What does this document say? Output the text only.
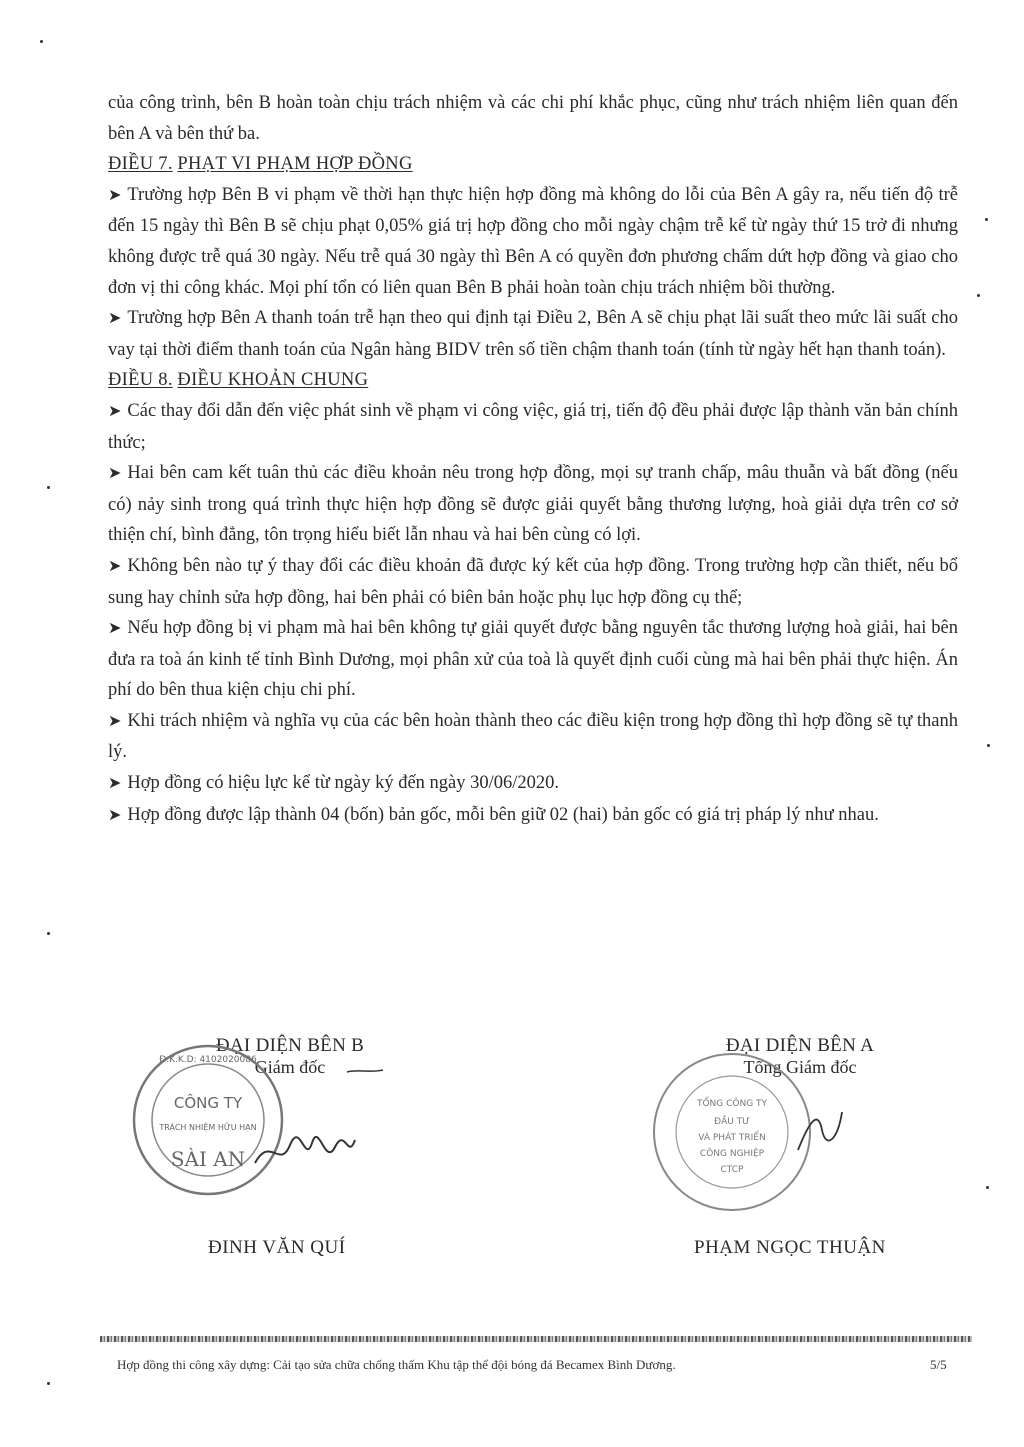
của công trình, bên B hoàn toàn chịu trách nhiệm và các chi phí khắc phục, cũng như trách nhiệm liên quan đến bên A và bên thứ ba.

ĐIỀU 7. PHẠT VI PHẠM HỢP ĐỒNG

➤ Trường hợp Bên B vi phạm về thời hạn thực hiện hợp đồng mà không do lỗi của Bên A gây ra, nếu tiến độ trễ đến 15 ngày thì Bên B sẽ chịu phạt 0,05% giá trị hợp đồng cho mỗi ngày chậm trễ kể từ ngày thứ 15 trở đi nhưng không được trễ quá 30 ngày. Nếu trễ quá 30 ngày thì Bên A có quyền đơn phương chấm dứt hợp đồng và giao cho đơn vị thi công khác. Mọi phí tổn có liên quan Bên B phải hoàn toàn chịu trách nhiệm bồi thường.

➤ Trường hợp Bên A thanh toán trễ hạn theo qui định tại Điều 2, Bên A sẽ chịu phạt lãi suất theo mức lãi suất cho vay tại thời điểm thanh toán của Ngân hàng BIDV trên số tiền chậm thanh toán (tính từ ngày hết hạn thanh toán).

ĐIỀU 8. ĐIỀU KHOẢN CHUNG

➤ Các thay đổi dẫn đến việc phát sinh về phạm vi công việc, giá trị, tiến độ đều phải được lập thành văn bản chính thức;

➤ Hai bên cam kết tuân thủ các điều khoản nêu trong hợp đồng, mọi sự tranh chấp, mâu thuẫn và bất đồng (nếu có) nảy sinh trong quá trình thực hiện hợp đồng sẽ được giải quyết bằng thương lượng, hoà giải dựa trên cơ sở thiện chí, bình đẳng, tôn trọng hiểu biết lẫn nhau và hai bên cùng có lợi.

➤ Không bên nào tự ý thay đổi các điều khoản đã được ký kết của hợp đồng. Trong trường hợp cần thiết, nếu bổ sung hay chỉnh sửa hợp đồng, hai bên phải có biên bản hoặc phụ lục hợp đồng cụ thể;

➤ Nếu hợp đồng bị vi phạm mà hai bên không tự giải quyết được bằng nguyên tắc thương lượng hoà giải, hai bên đưa ra toà án kinh tế tỉnh Bình Dương, mọi phân xử của toà là quyết định cuối cùng mà hai bên phải thực hiện. Án phí do bên thua kiện chịu chi phí.

➤ Khi trách nhiệm và nghĩa vụ của các bên hoàn thành theo các điều kiện trong hợp đồng thì hợp đồng sẽ tự thanh lý.

➤ Hợp đồng có hiệu lực kể từ ngày ký đến ngày 30/06/2020.

➤ Hợp đồng được lập thành 04 (bốn) bản gốc, mỗi bên giữ 02 (hai) bản gốc có giá trị pháp lý như nhau.

ĐẠI DIỆN BÊN B
Giám đốc
Đ.K.K.D: 4102020086
CÔNG TY
TRÁCH NHIỆM HỮU HẠN
SÀI AN
ĐINH VĂN QUÍ
ĐẠI DIỆN BÊN A
Tổng Giám đốc
TỔNG CÔNG TY
ĐẦU TƯ
VÀ PHÁT TRIỂN
CÔNG NGHIỆP
CTCP
PHẠM NGỌC THUẬN
Hợp đồng thi công xây dựng: Cải tạo sửa chữa chống thấm Khu tập thể đội bóng đá Becamex Bình Dương.	5/5
